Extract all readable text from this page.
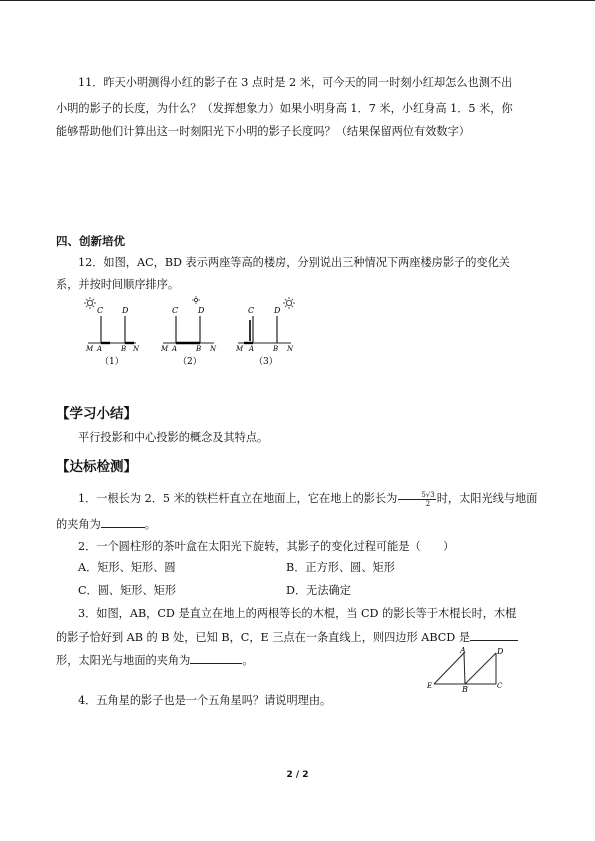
11．昨天小明测得小红的影子在 3 点时是 2 米，可今天的同一时刻小红却怎么也测不出

小明的影子的长度，为什么？（发挥想象力）如果小明身高 1．7 米，小红身高 1．5 米，你

能够帮助他们计算出这一时刻阳光下小明的影子长度吗？（结果保留两位有效数字）

四、创新培优

12．如图，AC，BD 表示两座等高的楼房，分别说出三种情况下两座楼房影子的变化关

系，并按时间顺序排序。

C D
M A	B N
（1）
C D
M A	B N
（2）
C D
M A	B N
（3）
【学习小结】

平行投影和中心投影的概念及其特点。

【达标检测】

1．一根长为 2．5 米的铁栏杆直立在地面上，它在地上的影长为 $\frac{5√3}{2}$ 时，太阳光线与地面

的夹角为	。

2．一个圆柱形的茶叶盒在太阳光下旋转，其影子的变化过程可能是（　　）

A．矩形、矩形、圆	B．正方形、圆、矩形
C．圆、矩形、矩形	D．无法确定

3．如图，AB，CD 是直立在地上的两根等长的木棍，当 CD 的影长等于木棍长时，木棍

的影子恰好到 AB 的 B 处，已知 B，C，E 三点在一条直线上，则四边形 ABCD 是

形，太阳光与地面的夹角为	。

A	D
E	B	C

4．五角星的影子也是一个五角星吗？请说明理由。

2 / 2
